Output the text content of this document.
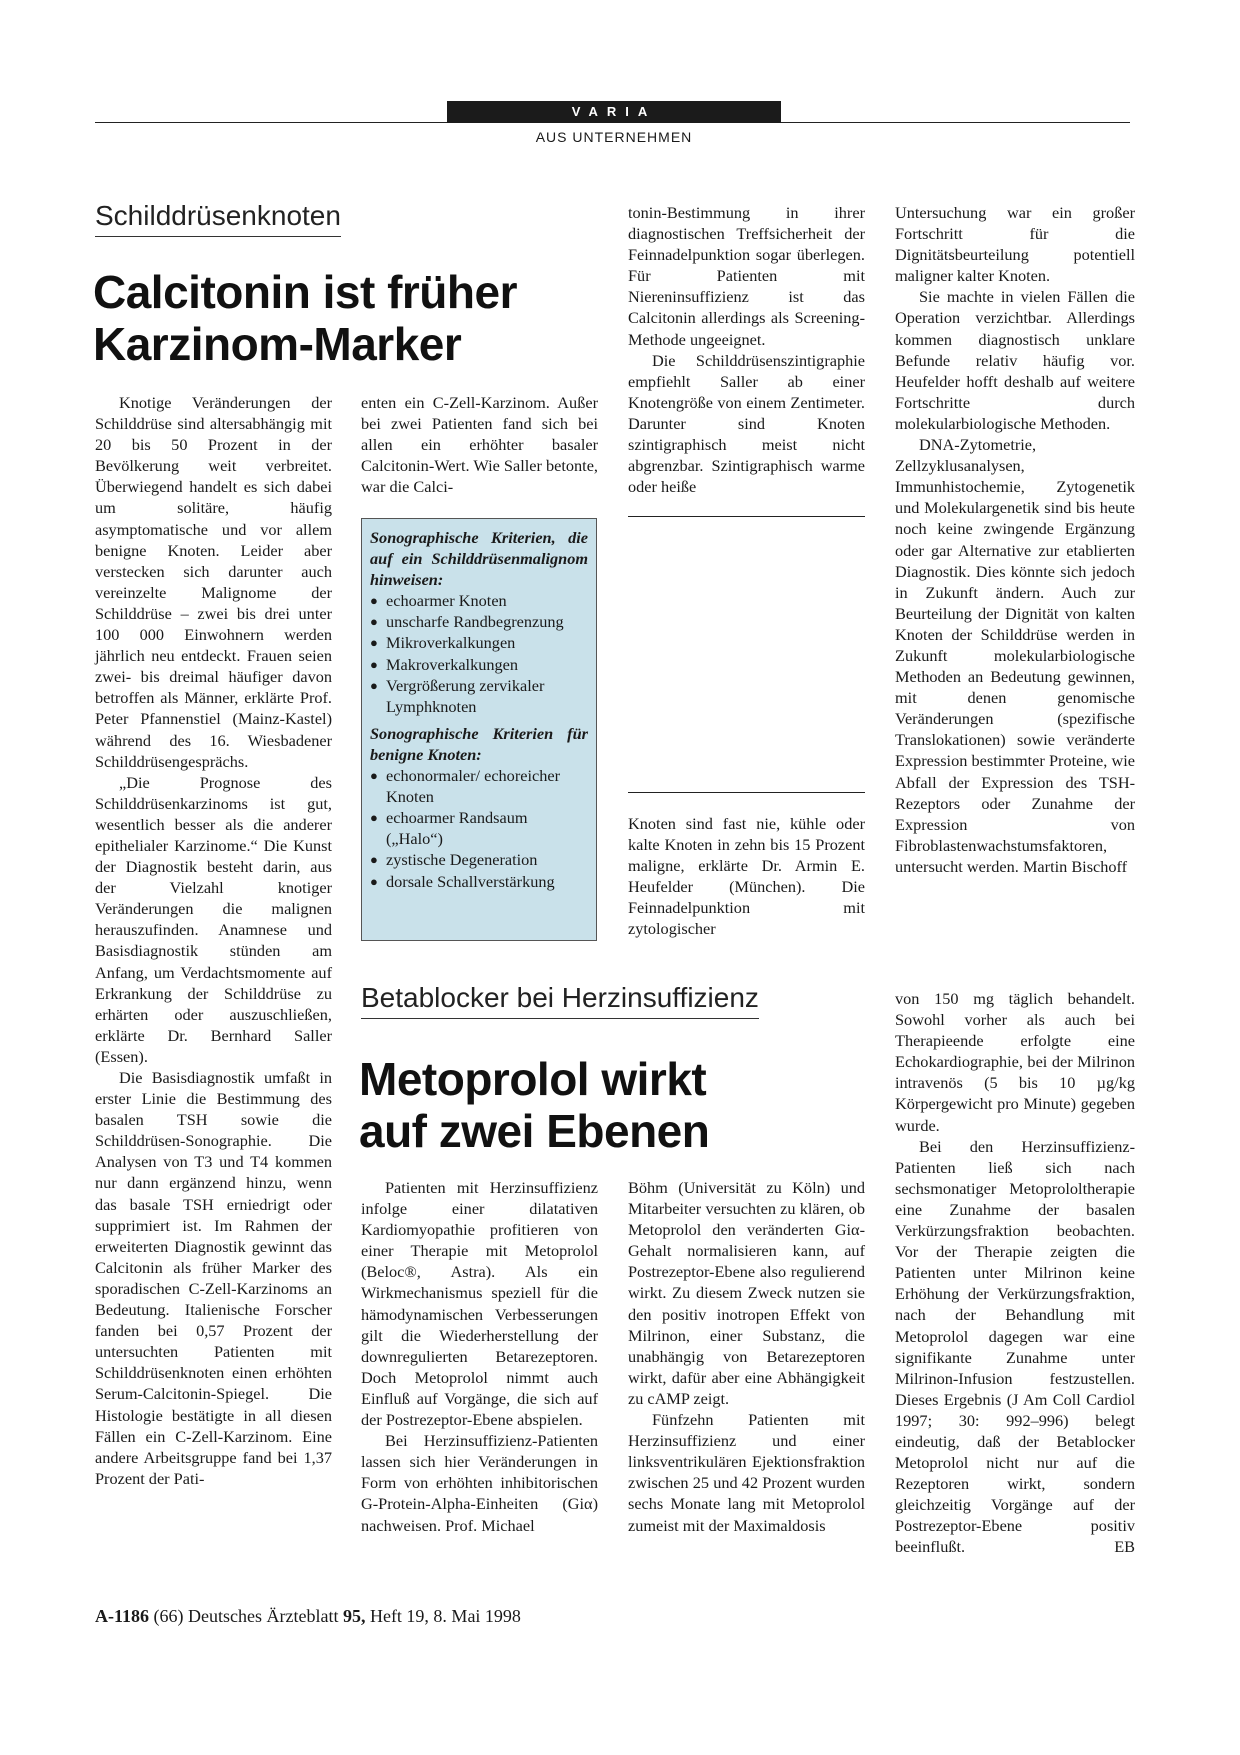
VARIA
AUS UNTERNEHMEN
Schilddrüsenknoten
Calcitonin ist früher
Karzinom-Marker

Knotige Veränderungen der Schilddrüse sind altersabhängig mit 20 bis 50 Prozent in der Bevölkerung weit verbreitet. Überwiegend handelt es sich dabei um solitäre, häufig asymptomatische und vor allem benigne Knoten. Leider aber verstecken sich darunter auch vereinzelte Malignome der Schilddrüse – zwei bis drei unter 100 000 Einwohnern werden jährlich neu entdeckt. Frauen seien zwei- bis dreimal häufiger davon betroffen als Männer, erklärte Prof. Peter Pfannenstiel (Mainz-Kastel) während des 16. Wiesbadener Schilddrüsengesprächs.

„Die Prognose des Schilddrüsenkarzinoms ist gut, wesentlich besser als die anderer epithelialer Karzinome.“ Die Kunst der Diagnostik besteht darin, aus der Vielzahl knotiger Veränderungen die malignen herauszufinden. Anamnese und Basisdiagnostik stünden am Anfang, um Verdachtsmomente auf Erkrankung der Schilddrüse zu erhärten oder auszuschließen, erklärte Dr. Bernhard Saller (Essen).

Die Basisdiagnostik umfaßt in erster Linie die Bestimmung des basalen TSH sowie die Schilddrüsen-Sonographie. Die Analysen von T3 und T4 kommen nur dann ergänzend hinzu, wenn das basale TSH erniedrigt oder supprimiert ist. Im Rahmen der erweiterten Diagnostik gewinnt das Calcitonin als früher Marker des sporadischen C-Zell-Karzinoms an Bedeutung. Italienische Forscher fanden bei 0,57 Prozent der untersuchten Patienten mit Schilddrüsenknoten einen erhöhten Serum-Calcitonin-Spiegel. Die Histologie bestätigte in all diesen Fällen ein C-Zell-Karzinom. Eine andere Arbeitsgruppe fand bei 1,37 Prozent der Pati-

enten ein C-Zell-Karzinom. Außer bei zwei Patienten fand sich bei allen ein erhöhter basaler Calcitonin-Wert. Wie Saller betonte, war die Calci-

Sonographische Kriterien, die auf ein Schilddrüsenmalignom hinweisen:

● echoarmer Knoten
● unscharfe Randbegrenzung
● Mikroverkalkungen
● Makroverkalkungen
● Vergrößerung zervikaler Lymphknoten

Sonographische Kriterien für benigne Knoten:

● echonormaler/ echoreicher Knoten
● echoarmer Randsaum („Halo“)
● zystische Degeneration
● dorsale Schallverstärkung

tonin-Bestimmung in ihrer diagnostischen Treffsicherheit der Feinnadelpunktion sogar überlegen. Für Patienten mit Niereninsuffizienz ist das Calcitonin allerdings als Screening-Methode ungeeignet.

Die Schilddrüsenszintigraphie empfiehlt Saller ab einer Knotengröße von einem Zentimeter. Darunter sind Knoten szintigraphisch meist nicht abgrenzbar. Szintigraphisch warme oder heiße

Knoten sind fast nie, kühle oder kalte Knoten in zehn bis 15 Prozent maligne, erklärte Dr. Armin E. Heufelder (München). Die Feinnadelpunktion mit zytologischer

Untersuchung war ein großer Fortschritt für die Dignitätsbeurteilung potentiell maligner kalter Knoten.

Sie machte in vielen Fällen die Operation verzichtbar. Allerdings kommen diagnostisch unklare Befunde relativ häufig vor. Heufelder hofft deshalb auf weitere Fortschritte durch molekularbiologische Methoden.

DNA-Zytometrie, Zellzyklusanalysen, Immunhistochemie, Zytogenetik und Molekulargenetik sind bis heute noch keine zwingende Ergänzung oder gar Alternative zur etablierten Diagnostik. Dies könnte sich jedoch in Zukunft ändern. Auch zur Beurteilung der Dignität von kalten Knoten der Schilddrüse werden in Zukunft molekularbiologische Methoden an Bedeutung gewinnen, mit denen genomische Veränderungen (spezifische Translokationen) sowie veränderte Expression bestimmter Proteine, wie Abfall der Expression des TSH-Rezeptors oder Zunahme der Expression von Fibroblastenwachstumsfaktoren, untersucht werden. Martin Bischoff

Betablocker bei Herzinsuffizienz
Metoprolol wirkt
auf zwei Ebenen

Patienten mit Herzinsuffizienz infolge einer dilatativen Kardiomyopathie profitieren von einer Therapie mit Metoprolol (Beloc®, Astra). Als ein Wirkmechanismus speziell für die hämodynamischen Verbesserungen gilt die Wiederherstellung der downregulierten Betarezeptoren. Doch Metoprolol nimmt auch Einfluß auf Vorgänge, die sich auf der Postrezeptor-Ebene abspielen.

Bei Herzinsuffizienz-Patienten lassen sich hier Veränderungen in Form von erhöhten inhibitorischen G-Protein-Alpha-Einheiten (Giα) nachweisen. Prof. Michael

Böhm (Universität zu Köln) und Mitarbeiter versuchten zu klären, ob Metoprolol den veränderten Giα-Gehalt normalisieren kann, auf Postrezeptor-Ebene also regulierend wirkt. Zu diesem Zweck nutzen sie den positiv inotropen Effekt von Milrinon, einer Substanz, die unabhängig von Betarezeptoren wirkt, dafür aber eine Abhängigkeit zu cAMP zeigt.

Fünfzehn Patienten mit Herzinsuffizienz und einer linksventrikulären Ejektionsfraktion zwischen 25 und 42 Prozent wurden sechs Monate lang mit Metoprolol zumeist mit der Maximaldosis

von 150 mg täglich behandelt. Sowohl vorher als auch bei Therapieende erfolgte eine Echokardiographie, bei der Milrinon intravenös (5 bis 10 µg/kg Körpergewicht pro Minute) gegeben wurde.

Bei den Herzinsuffizienz-Patienten ließ sich nach sechsmonatiger Metoprololtherapie eine Zunahme der basalen Verkürzungsfraktion beobachten. Vor der Therapie zeigten die Patienten unter Milrinon keine Erhöhung der Verkürzungsfraktion, nach der Behandlung mit Metoprolol dagegen war eine signifikante Zunahme unter Milrinon-Infusion festzustellen. Dieses Ergebnis (J Am Coll Cardiol 1997; 30: 992–996) belegt eindeutig, daß der Betablocker Metoprolol nicht nur auf die Rezeptoren wirkt, sondern gleichzeitig Vorgänge auf der Postrezeptor-Ebene positiv beeinflußt.	EB

A-1186 (66) Deutsches Ärzteblatt 95, Heft 19, 8. Mai 1998
